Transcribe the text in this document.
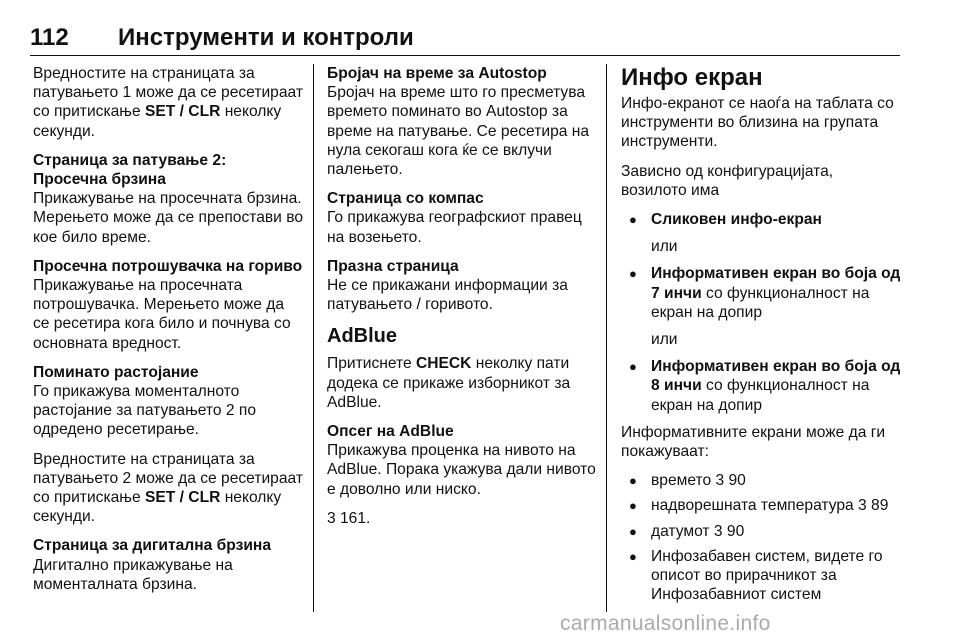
112 Инструменти и контроли

Вредностите на страницата за патувањето 1 може да се ресетираат со притискање SET / CLR неколку секунди.

Страница за патување 2:
Просечна брзина

Прикажување на просечната брзина. Мерењето може да се препостави во кое било време.

Просечна потрошувачка на гориво

Прикажување на просечната потрошувачка. Мерењето може да се ресетира кога било и почнува со основната вредност.

Поминато растојание

Го прикажува моменталното растојание за патувањето 2 по одредено ресетирање.

Вредностите на страницата за патувањето 2 може да се ресетираат со притискање SET / CLR неколку секунди.

Страница за дигитална брзина

Дигитално прикажување на моменталната брзина.

Бројач на време за Autostop

Бројач на време што го пресметува времето поминато во Autostop за време на патување. Се ресетира на нула секогаш кога ќе се вклучи палењето.

Страница со компас

Го прикажува географскиот правец на возењето.

Празна страница

Не се прикажани информации за патувањето / горивото.

AdBlue

Притиснете CHECK неколку пати додека се прикаже изборникот за AdBlue.

Опсег на AdBlue

Прикажува проценка на нивото на AdBlue. Порака укажува дали нивото е доволно или ниско.

3 161.

Инфо екран

Инфо-екранот се наоѓа на таблата со инструменти во близина на групата инструменти.

Зависно од конфигурацијата, возилото има

● Сликовен инфо-екран

или

● Информативен екран во боја од 7 инчи со функционалност на екран на допир

или

● Информативен екран во боја од 8 инчи со функционалност на екран на допир

Информативните екрани може да ги покажуваат:

● времето 3 90
● надворешната температура 3 89
● датумот 3 90
● Инфозабавен систем, видете го описот во прирачникот за Инфозабавниот систем
carmanualsonline.info
